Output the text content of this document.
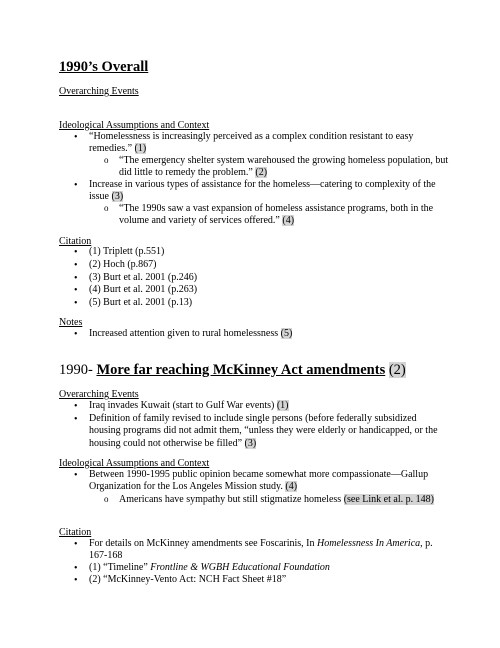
1990’s Overall
Overarching Events
Ideological Assumptions and Context
• “Homelessness is increasingly perceived as a complex condition resistant to easy remedies.” (1)
o “The emergency shelter system warehoused the growing homeless population, but did little to remedy the problem.” (2)
• Increase in various types of assistance for the homeless—catering to complexity of the issue (3)
o “The 1990s saw a vast expansion of homeless assistance programs, both in the volume and variety of services offered.” (4)
Citation
• (1) Triplett (p.551)
• (2) Hoch (p.867)
• (3) Burt et al. 2001 (p.246)
• (4) Burt et al. 2001 (p.263)
• (5) Burt et al. 2001 (p.13)
Notes
• Increased attention given to rural homelessness (5)
1990- More far reaching McKinney Act amendments (2)
Overarching Events
• Iraq invades Kuwait (start to Gulf War events) (1)
• Definition of family revised to include single persons (before federally subsidized housing programs did not admit them, “unless they were elderly or handicapped, or the housing could not otherwise be filled” (3)
Ideological Assumptions and Context
• Between 1990-1995 public opinion became somewhat more compassionate—Gallup Organization for the Los Angeles Mission study. (4)
o Americans have sympathy but still stigmatize homeless (see Link et al. p. 148)
Citation
• For details on McKinney amendments see Foscarinis, In Homelessness In America, p. 167-168
• (1) “Timeline” Frontline & WGBH Educational Foundation
• (2) “McKinney-Vento Act: NCH Fact Sheet #18”
